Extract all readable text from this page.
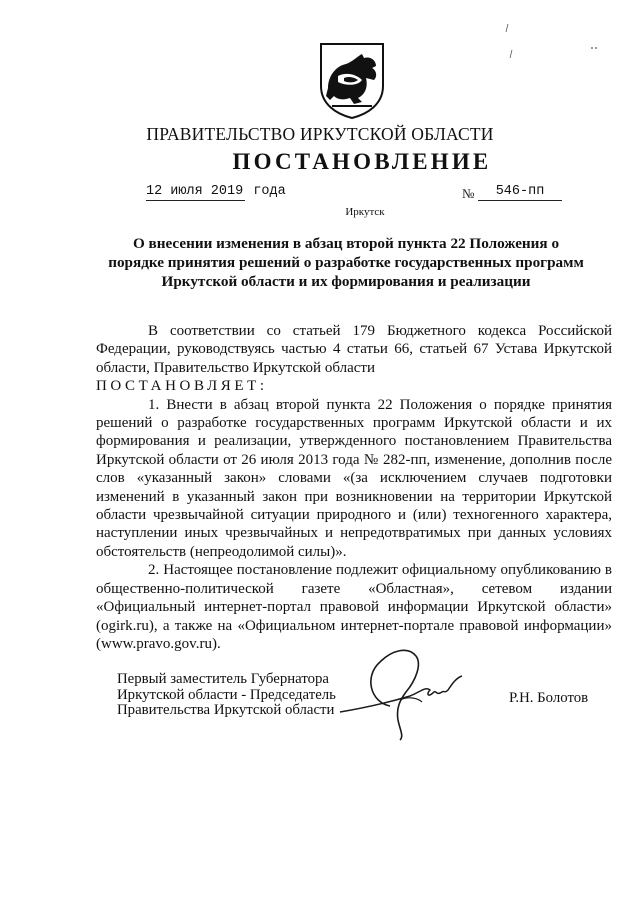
ПРАВИТЕЛЬСТВО ИРКУТСКОЙ ОБЛАСТИ
ПОСТАНОВЛЕНИЕ
12 июля 2019 года	№	546-пп
Иркутск
О внесении изменения в абзац второй пункта 22 Положения о порядке принятия решений о разработке государственных программ Иркутской области и их формирования и реализации

В соответствии со статьей 179 Бюджетного кодекса Российской Федерации, руководствуясь частью 4 статьи 66, статьей 67 Устава Иркутской области, Правительство Иркутской области

ПОСТАНОВЛЯЕТ:

1. Внести в абзац второй пункта 22 Положения о порядке принятия решений о разработке государственных программ Иркутской области и их формирования и реализации, утвержденного постановлением Правительства Иркутской области от 26 июля 2013 года № 282-пп, изменение, дополнив после слов «указанный закон» словами «(за исключением случаев подготовки изменений в указанный закон при возникновении на территории Иркутской области чрезвычайной ситуации природного и (или) техногенного характера, наступлении иных чрезвычайных и непредотвратимых при данных условиях обстоятельств (непреодолимой силы)».

2. Настоящее постановление подлежит официальному опубликованию в общественно-политической газете «Областная», сетевом издании «Официальный интернет-портал правовой информации Иркутской области» (ogirk.ru), а также на «Официальном интернет-портале правовой информации» (www.pravo.gov.ru).

Первый заместитель Губернатора
Иркутской области - Председатель
Правительства Иркутской области
Р.Н. Болотов
